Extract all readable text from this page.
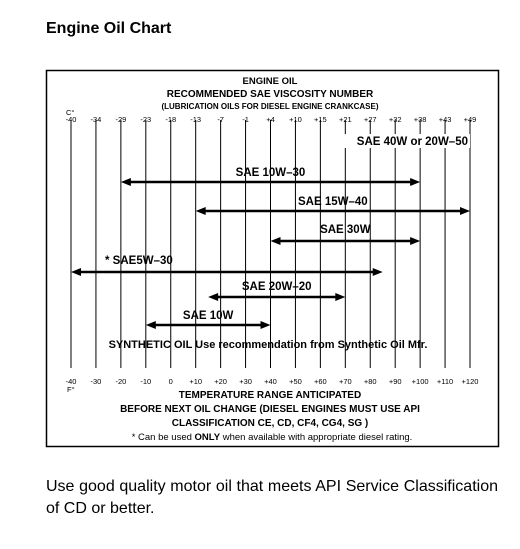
Engine Oil Chart
ENGINE OIL
RECOMMENDED SAE VISCOSITY NUMBER
(LUBRICATION OILS FOR DIESEL ENGINE CRANKCASE)
C°
F°
-40
-40
-34
-30
-29
-20
-23
-10
-18
0
-13
+10
-7
+20
-1
+30
+4
+40
+10
+50
+15
+60
+21
+70
+27
+80
+32
+90
+38
+100
+43
+110
+49
+120
SAE 40W or 20W–50
SAE 10W–30
SAE 15W–40
SAE 30W
* SAE5W–30
SAE 20W–20
SAE 10W
SYNTHETIC OIL Use recommendation from Synthetic Oil Mfr.
TEMPERATURE RANGE ANTICIPATED
BEFORE NEXT OIL CHANGE (DIESEL ENGINES MUST USE API
CLASSIFICATION CE, CD, CF4, CG4, SG )
* Can be used ONLY when available with appropriate diesel rating.

Use good quality motor oil that meets API Service Classification of CD or better.
